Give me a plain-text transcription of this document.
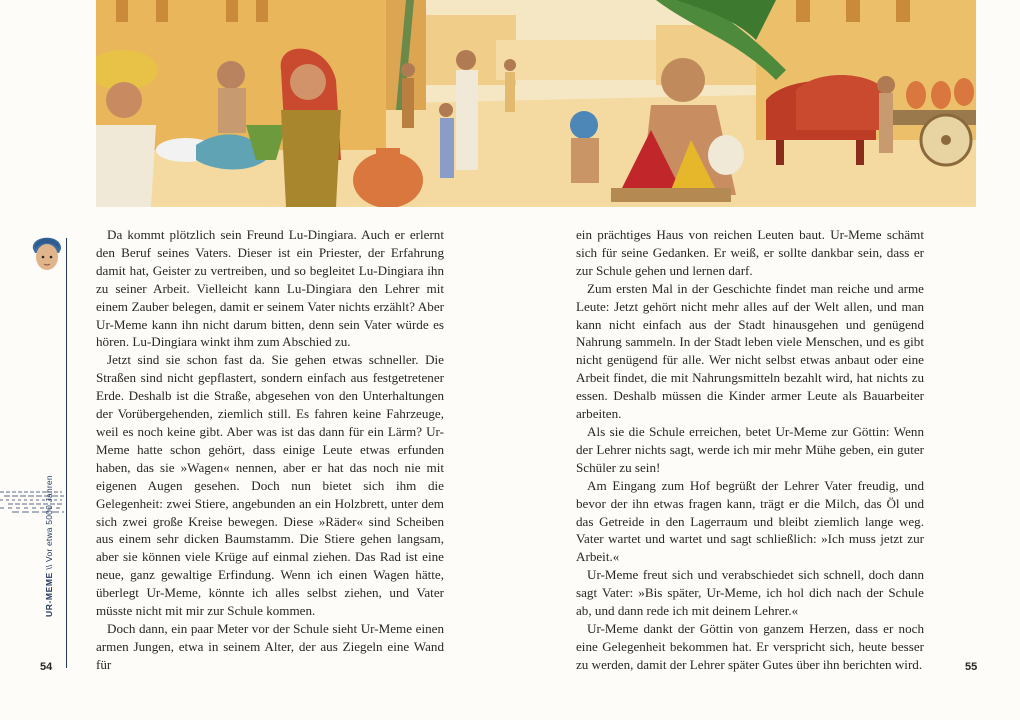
UR-MEME \\ Vor etwa 5000 Jahren

Da kommt plötzlich sein Freund Lu-Dingiara. Auch er erlernt den Beruf seines Vaters. Dieser ist ein Priester, der Erfahrung damit hat, Geister zu vertreiben, und so begleitet Lu-Dingiara ihn zu seiner Arbeit. Vielleicht kann Lu-Dingiara den Lehrer mit einem Zauber belegen, damit er seinem Vater nichts erzählt? Aber Ur-Meme kann ihn nicht darum bitten, denn sein Vater würde es hören. Lu-Dingiara winkt ihm zum Abschied zu.

Jetzt sind sie schon fast da. Sie gehen etwas schneller. Die Straßen sind nicht gepflastert, sondern einfach aus festgetretener Erde. Deshalb ist die Straße, abgesehen von den Unterhaltungen der Vorübergehenden, ziemlich still. Es fahren keine Fahrzeuge, weil es noch keine gibt. Aber was ist das dann für ein Lärm? Ur-Meme hatte schon gehört, dass einige Leute etwas erfunden haben, das sie »Wagen« nennen, aber er hat das noch nie mit eigenen Augen gesehen. Doch nun bietet sich ihm die Gelegenheit: zwei Stiere, angebunden an ein Holzbrett, unter dem sich zwei große Kreise bewegen. Diese »Räder« sind Scheiben aus einem sehr dicken Baumstamm. Die Stiere gehen langsam, aber sie können viele Krüge auf einmal ziehen. Das Rad ist eine neue, ganz gewaltige Erfindung. Wenn ich einen Wagen hätte, überlegt Ur-Meme, könnte ich alles selbst ziehen, und Vater müsste nicht mit mir zur Schule kommen.

Doch dann, ein paar Meter vor der Schule sieht Ur-Meme einen armen Jungen, etwa in seinem Alter, der aus Ziegeln eine Wand für

ein prächtiges Haus von reichen Leuten baut. Ur-Meme schämt sich für seine Gedanken. Er weiß, er sollte dankbar sein, dass er zur Schule gehen und lernen darf.

Zum ersten Mal in der Geschichte findet man reiche und arme Leute: Jetzt gehört nicht mehr alles auf der Welt allen, und man kann nicht einfach aus der Stadt hinausgehen und genügend Nahrung sammeln. In der Stadt leben viele Menschen, und es gibt nicht genügend für alle. Wer nicht selbst etwas anbaut oder eine Arbeit findet, die mit Nahrungsmitteln bezahlt wird, hat nichts zu essen. Deshalb müssen die Kinder armer Leute als Bauarbeiter arbeiten.

Als sie die Schule erreichen, betet Ur-Meme zur Göttin: Wenn der Lehrer nichts sagt, werde ich mir mehr Mühe geben, ein guter Schüler zu sein!

Am Eingang zum Hof begrüßt der Lehrer Vater freudig, und bevor der ihn etwas fragen kann, trägt er die Milch, das Öl und das Getreide in den Lagerraum und bleibt ziemlich lange weg. Vater wartet und wartet und sagt schließlich: »Ich muss jetzt zur Arbeit.«

Ur-Meme freut sich und verabschiedet sich schnell, doch dann sagt Vater: »Bis später, Ur-Meme, ich hol dich nach der Schule ab, und dann rede ich mit deinem Lehrer.«

Ur-Meme dankt der Göttin von ganzem Herzen, dass er noch eine Gelegenheit bekommen hat. Er verspricht sich, heute besser zu werden, damit der Lehrer später Gutes über ihn berichten wird.

54	55
